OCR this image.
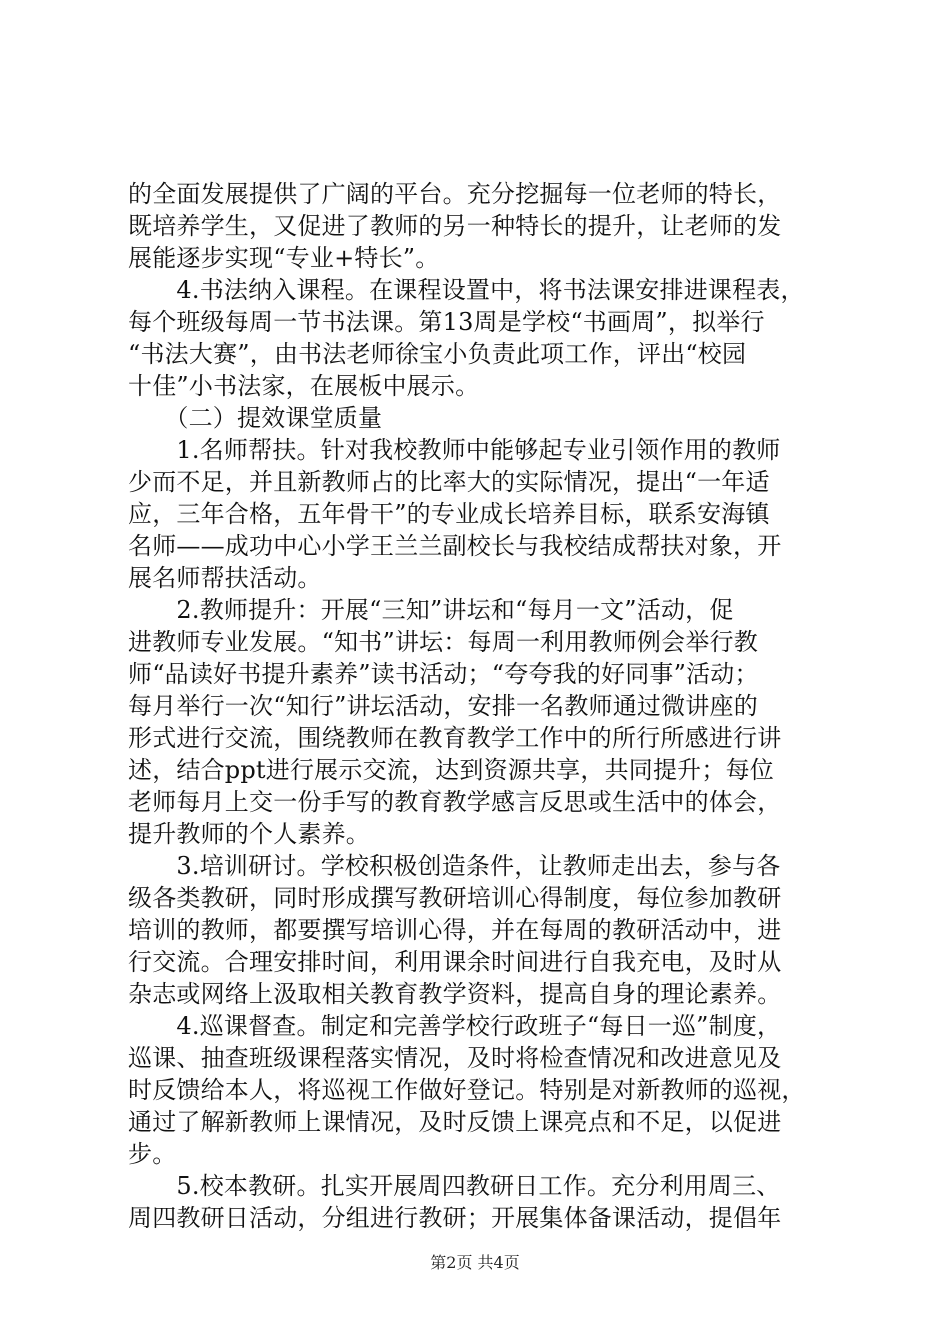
的全面发展提供了广阔的平台。充分挖掘每一位老师的特长，
既培养学生，又促进了教师的另一种特长的提升，让老师的发
展能逐步实现“专业+特长”。
　　4.书法纳入课程。在课程设置中，将书法课安排进课程表，
每个班级每周一节书法课。第13周是学校“书画周”，拟举行
“书法大赛”，由书法老师徐宝小负责此项工作，评出“校园
十佳”小书法家，在展板中展示。
　　（二）提效课堂质量
　　1.名师帮扶。针对我校教师中能够起专业引领作用的教师
少而不足，并且新教师占的比率大的实际情况，提出“一年适
应，三年合格，五年骨干”的专业成长培养目标，联系安海镇
名师——成功中心小学王兰兰副校长与我校结成帮扶对象，开
展名师帮扶活动。
　　2.教师提升：开展“三知”讲坛和“每月一文”活动，促
进教师专业发展。“知书”讲坛：每周一利用教师例会举行教
师“品读好书提升素养”读书活动；“夸夸我的好同事”活动；
每月举行一次“知行”讲坛活动，安排一名教师通过微讲座的
形式进行交流，围绕教师在教育教学工作中的所行所感进行讲
述，结合ppt进行展示交流，达到资源共享，共同提升；每位
老师每月上交一份手写的教育教学感言反思或生活中的体会，
提升教师的个人素养。
　　3.培训研讨。学校积极创造条件，让教师走出去，参与各
级各类教研，同时形成撰写教研培训心得制度，每位参加教研
培训的教师，都要撰写培训心得，并在每周的教研活动中，进
行交流。合理安排时间，利用课余时间进行自我充电，及时从
杂志或网络上汲取相关教育教学资料，提高自身的理论素养。
　　4.巡课督查。制定和完善学校行政班子“每日一巡”制度，
巡课、抽查班级课程落实情况，及时将检查情况和改进意见及
时反馈给本人，将巡视工作做好登记。特别是对新教师的巡视，
通过了解新教师上课情况，及时反馈上课亮点和不足，以促进
步。
　　5.校本教研。扎实开展周四教研日工作。充分利用周三、
周四教研日活动，分组进行教研；开展集体备课活动，提倡年
第2页 共4页
